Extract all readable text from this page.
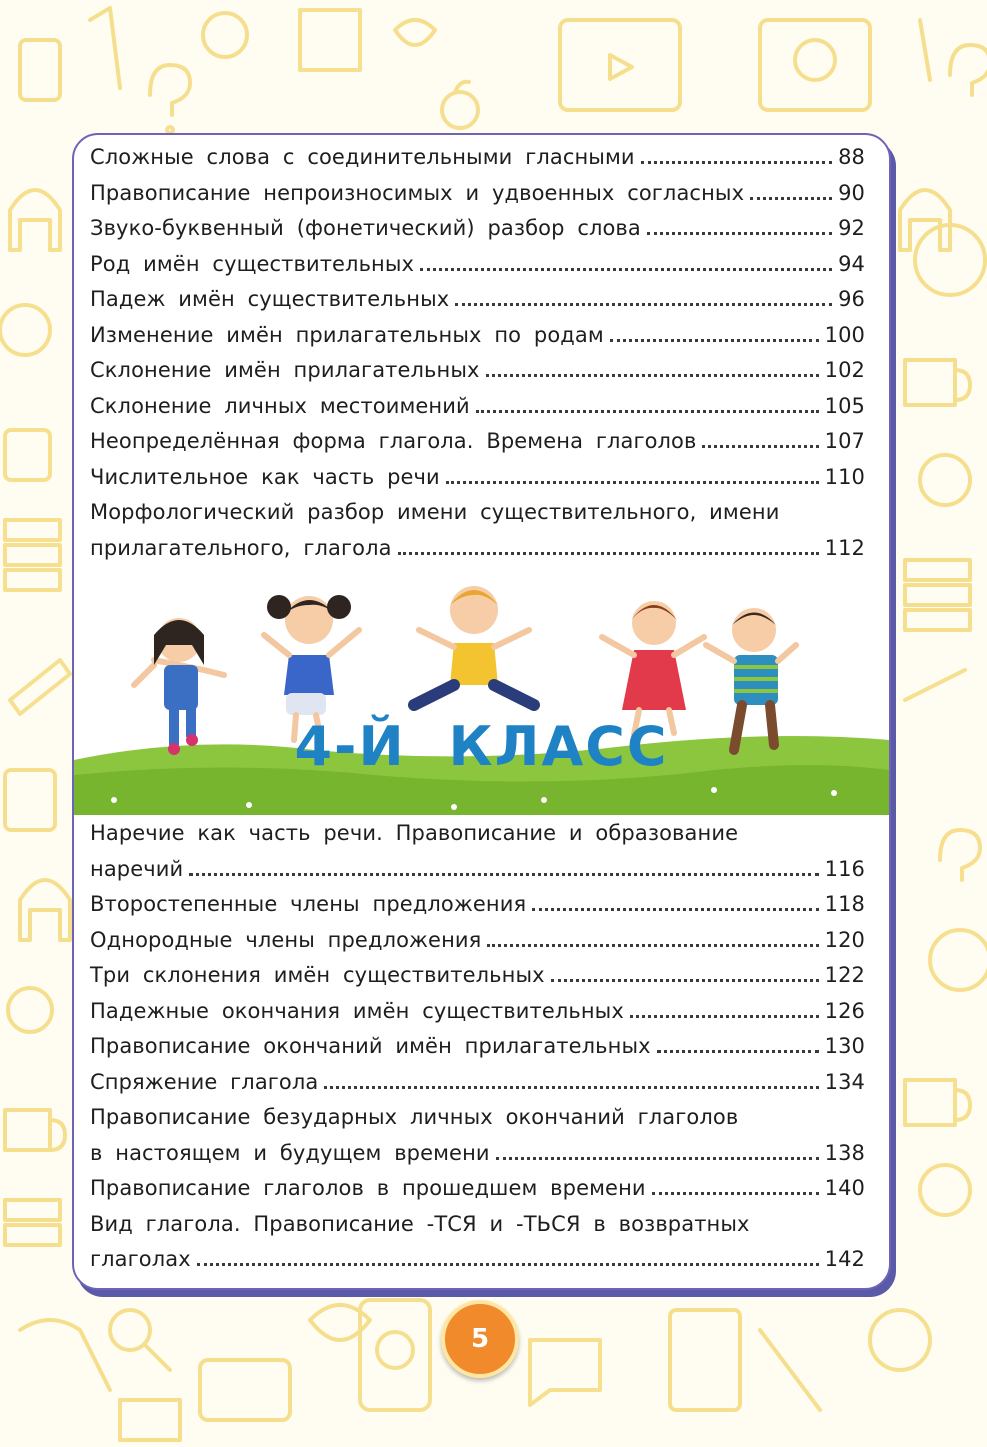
Сложные слова с соединительными гласными	88
Правописание непроизносимых и удвоенных согласных	90
Звуко-буквенный (фонетический) разбор слова	92
Род имён существительных	94
Падеж имён существительных	96
Изменение имён прилагательных по родам	100
Склонение имён прилагательных	102
Склонение личных местоимений	105
Неопределённая форма глагола. Времена глаголов	107
Числительное как часть речи	110
Морфологический разбор имени существительного, имени
прилагательного, глагола	112
4-Й КЛАСС
Наречие как часть речи. Правописание и образование
наречий	116
Второстепенные члены предложения	118
Однородные члены предложения	120
Три склонения имён существительных	122
Падежные окончания имён существительных	126
Правописание окончаний имён прилагательных	130
Спряжение глагола	134
Правописание безударных личных окончаний глаголов
в настоящем и будущем времени	138
Правописание глаголов в прошедшем времени	140
Вид глагола. Правописание -ТСЯ и -ТЬСЯ в возвратных
глаголах	142
5
